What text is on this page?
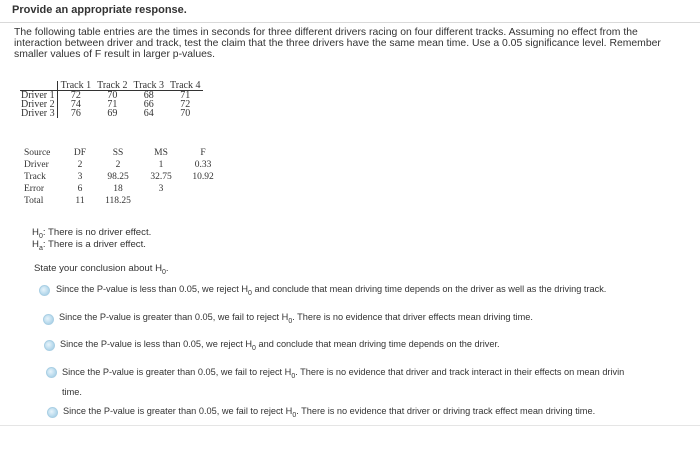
Provide an appropriate response.
The following table entries are the times in seconds for three different drivers racing on four different tracks. Assuming no effect from the
interaction between driver and track, test the claim that the three drivers have the same mean time. Use a 0.05 significance level. Remember
smaller values of F result in larger p-values.
	Track 1	Track 2	Track 3	Track 4
Driver 1	72	70	68	71
Driver 2	74	71	66	72
Driver 3	76	69	64	70
Source	DF	SS	MS	F
Driver	2	2	1	0.33
Track	3	98.25	32.75	10.92
Error	6	18	3	
Total	11	118.25		
$H_0$: There is no driver effect.
$H_a$: There is a driver effect.
State your conclusion about $H_0$.
Since the P-value is less than 0.05, we reject $H_0$ and conclude that mean driving time depends on the driver as well as the driving track.
Since the P-value is greater than 0.05, we fail to reject $H_0$. There is no evidence that driver effects mean driving time.
Since the P-value is less than 0.05, we reject $H_0$ and conclude that mean driving time depends on the driver.
Since the P-value is greater than 0.05, we fail to reject $H_0$. There is no evidence that driver and track interact in their effects on mean drivin
time.
Since the P-value is greater than 0.05, we fail to reject $H_0$. There is no evidence that driver or driving track effect mean driving time.
